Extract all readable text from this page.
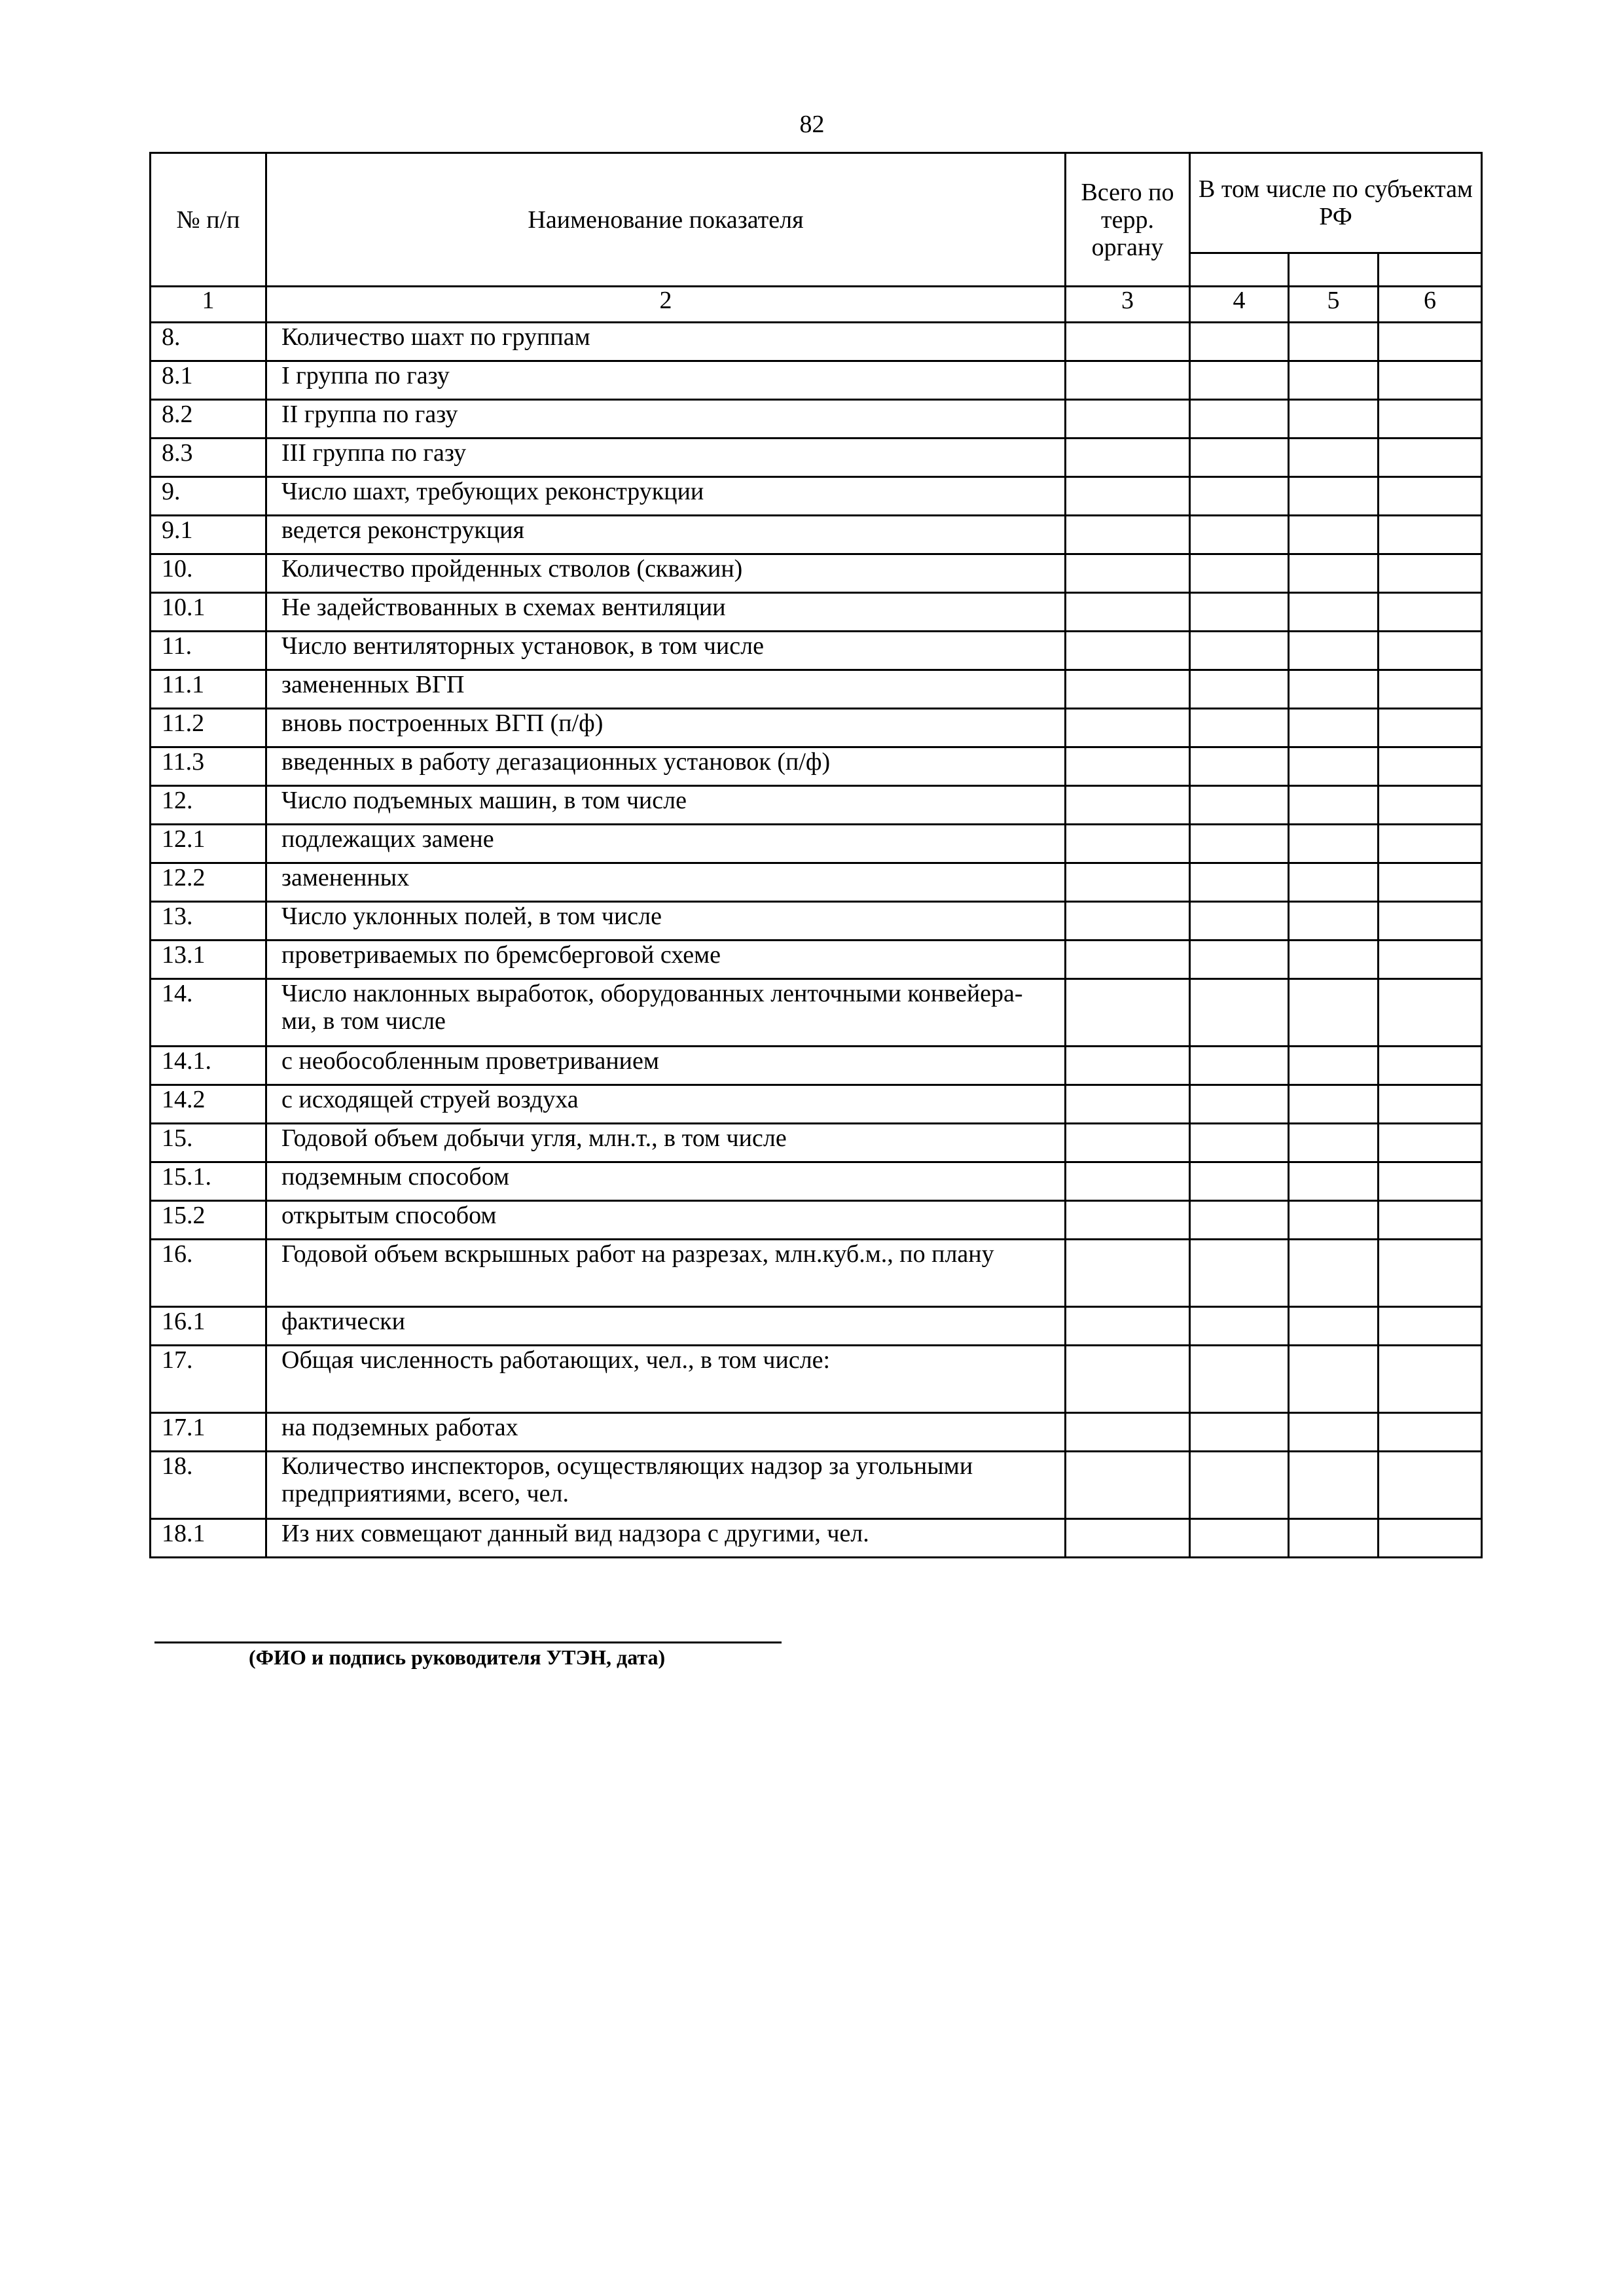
82
№ п/п	Наименование показателя	Всего по терр. органу	В том числе по субъектам РФ		

1	2	3	4	5	6
8.	Количество шахт по группам				
8.1	I группа по газу				
8.2	II группа по газу				
8.3	III группа по газу				
9.	Число шахт, требующих реконструкции				
9.1	ведется реконструкция				
10.	Количество пройденных стволов (скважин)				
10.1	Не задействованных в схемах вентиляции				
11.	Число вентиляторных установок, в том числе				
11.1	замененных ВГП				
11.2	вновь построенных ВГП (п/ф)				
11.3	введенных в работу дегазационных установок (п/ф)				
12.	Число подъемных машин, в том числе				
12.1	подлежащих замене				
12.2	замененных				
13.	Число уклонных полей, в том числе				
13.1	проветриваемых по бремсберговой схеме				
14.	Число наклонных выработок, оборудованных ленточными конвейера-ми, в том числе				
14.1.	с необособленным проветриванием				
14.2	с исходящей струей воздуха				
15.	Годовой объем добычи угля, млн.т., в том числе				
15.1.	подземным способом				
15.2	открытым способом				
16.	Годовой объем вскрышных работ на разрезах, млн.куб.м., по плану				
16.1	фактически				
17.	Общая численность работающих, чел., в том числе:				
17.1	на подземных работах				
18.	Количество инспекторов, осуществляющих надзор за угольными предприятиями, всего, чел.				
18.1	Из них совмещают данный вид надзора с другими, чел.				
(ФИО и подпись руководителя УТЭН, дата)
